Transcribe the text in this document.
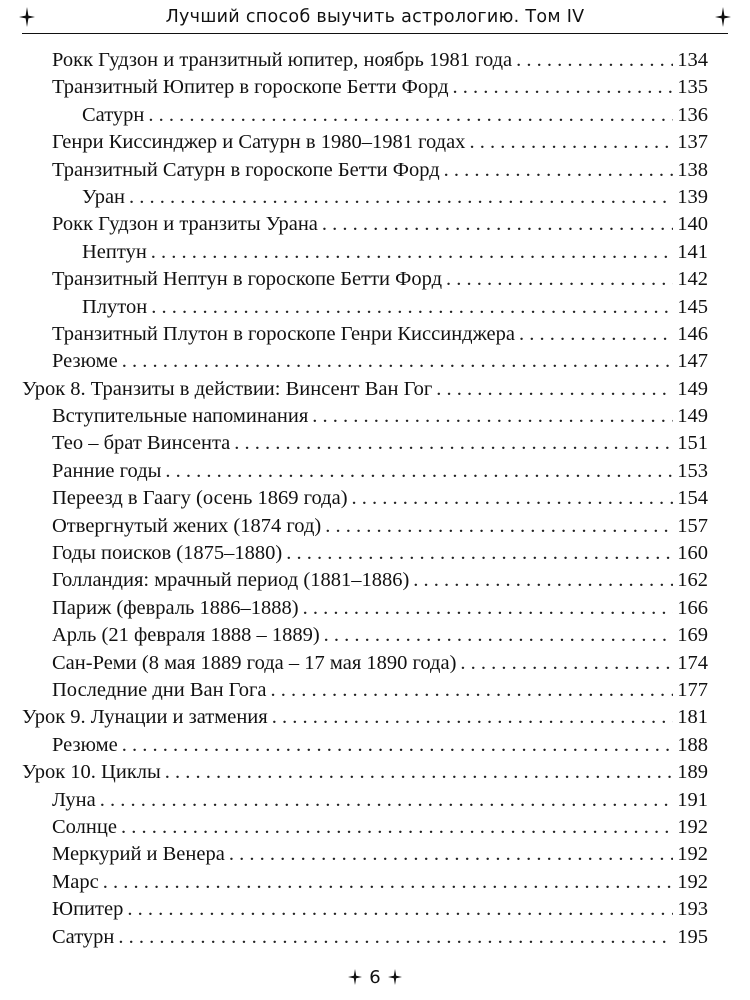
Лучший способ выучить астрологию. Том IV
Рокк Гудзон и транзитный юпитер, ноябрь 1981 года . . .	134
Транзитный Юпитер в гороскопе Бетти Форд . . .	135
Сатурн . . .	136
Генри Киссинджер и Сатурн в 1980–1981 годах . . .	137
Транзитный Сатурн в гороскопе Бетти Форд . . .	138
Уран . . .	139
Рокк Гудзон и транзиты Урана . . .	140
Нептун . . .	141
Транзитный Нептун в гороскопе Бетти Форд . . .	142
Плутон . . .	145
Транзитный Плутон в гороскопе Генри Киссинджера . . .	146
Резюме . . .	147
Урок 8. Транзиты в действии: Винсент Ван Гог . . .	149
Вступительные напоминания . . .	149
Тео – брат Винсента . . .	151
Ранние годы . . .	153
Переезд в Гаагу (осень 1869 года) . . .	154
Отвергнутый жених (1874 год) . . .	157
Годы поисков (1875–1880) . . .	160
Голландия: мрачный период (1881–1886) . . .	162
Париж (февраль 1886–1888) . . .	166
Арль (21 февраля 1888 – 1889) . . .	169
Сан-Реми (8 мая 1889 года – 17 мая 1890 года) . . .	174
Последние дни Ван Гога . . .	177
Урок 9. Лунации и затмения . . .	181
Резюме . . .	188
Урок 10. Циклы . . .	189
Луна . . .	191
Солнце . . .	192
Меркурий и Венера . . .	192
Марс . . .	192
Юпитер . . .	193
Сатурн . . .	195
6
